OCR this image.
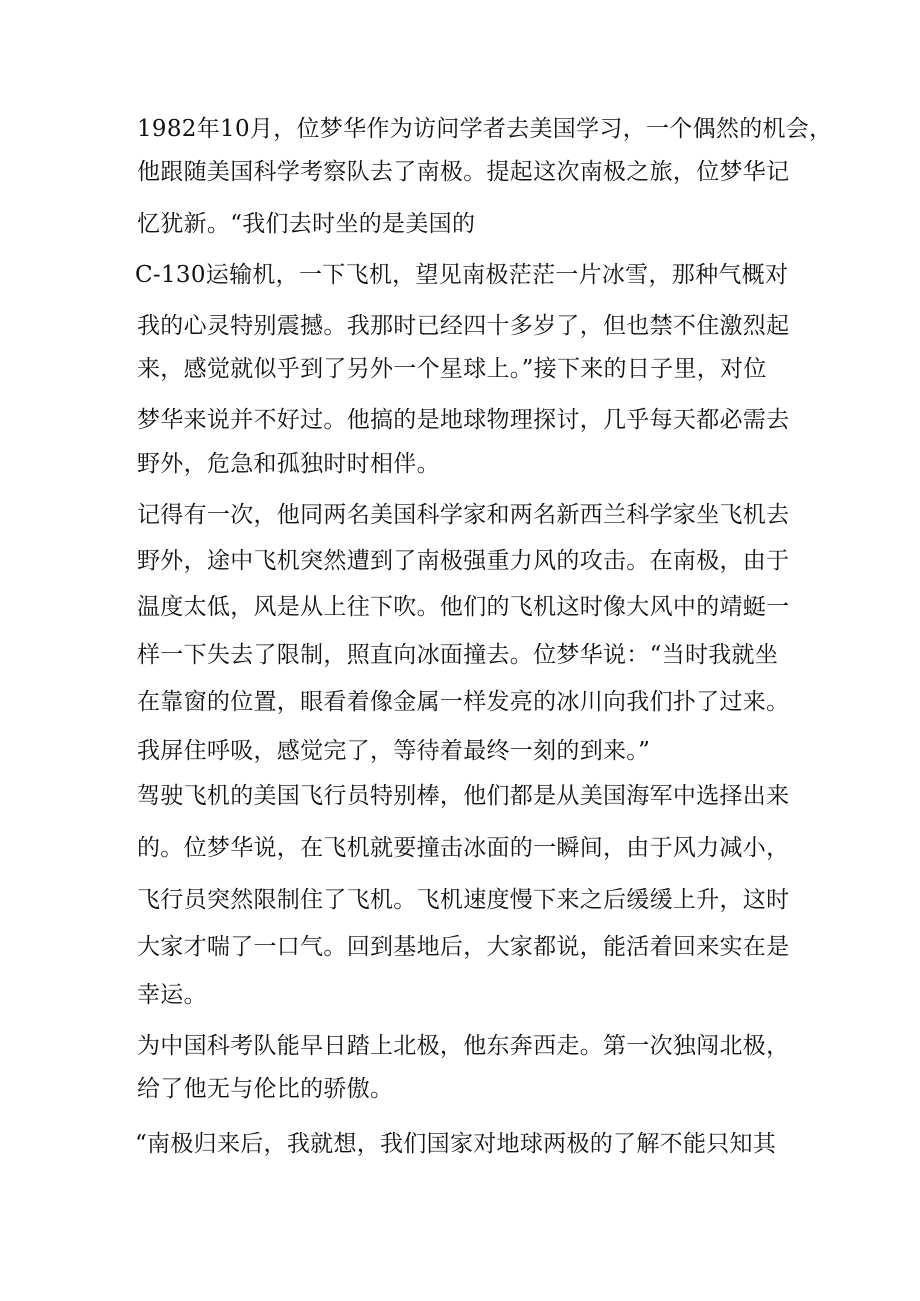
1982年10月，位梦华作为访问学者去美国学习，一个偶然的机会，
他跟随美国科学考察队去了南极。提起这次南极之旅，位梦华记
忆犹新。“我们去时坐的是美国的
C-130运输机，一下飞机，望见南极茫茫一片冰雪，那种气概对
我的心灵特别震撼。我那时已经四十多岁了，但也禁不住激烈起
来，感觉就似乎到了另外一个星球上。”接下来的日子里，对位
梦华来说并不好过。他搞的是地球物理探讨，几乎每天都必需去
野外，危急和孤独时时相伴。
记得有一次，他同两名美国科学家和两名新西兰科学家坐飞机去
野外，途中飞机突然遭到了南极强重力风的攻击。在南极，由于
温度太低，风是从上往下吹。他们的飞机这时像大风中的靖蜓一
样一下失去了限制，照直向冰面撞去。位梦华说：“当时我就坐
在靠窗的位置，眼看着像金属一样发亮的冰川向我们扑了过来。
我屏住呼吸，感觉完了，等待着最终一刻的到来。”
驾驶飞机的美国飞行员特别棒，他们都是从美国海军中选择出来
的。位梦华说，在飞机就要撞击冰面的一瞬间，由于风力减小，
飞行员突然限制住了飞机。飞机速度慢下来之后缓缓上升，这时
大家才喘了一口气。回到基地后，大家都说，能活着回来实在是
幸运。
为中国科考队能早日踏上北极，他东奔西走。第一次独闯北极，
给了他无与伦比的骄傲。
“南极归来后，我就想，我们国家对地球两极的了解不能只知其
